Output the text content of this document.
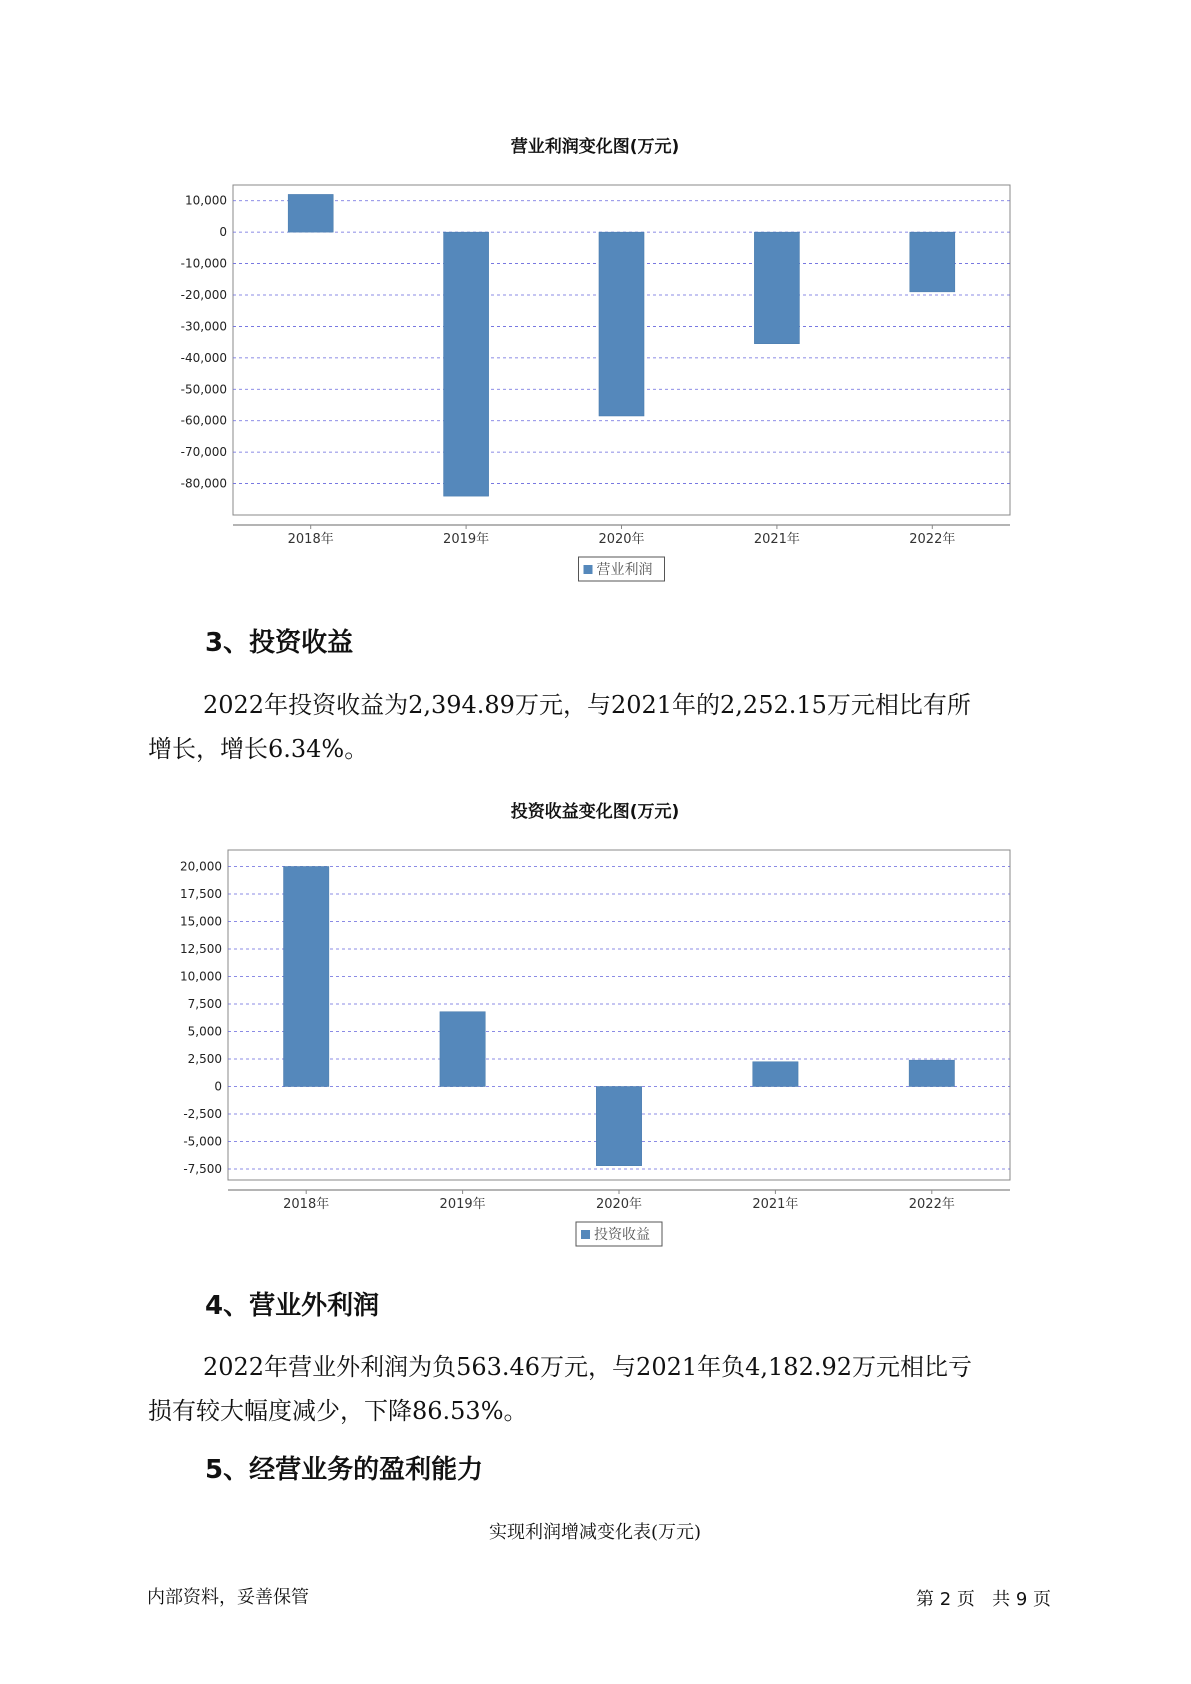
营业利润变化图(万元)
10,000
0
-10,000
-20,000
-30,000
-40,000
-50,000
-60,000
-70,000
-80,000
2018年	2019年	2020年	2021年	2022年
营业利润
3、投资收益
2022年投资收益为2,394.89万元，与2021年的2,252.15万元相比有所
增长，增长6.34%。
投资收益变化图(万元)
20,000
17,500
15,000
12,500
10,000
7,500
5,000
2,500
0
-2,500
-5,000
-7,500
2018年	2019年	2020年	2021年	2022年
投资收益
4、营业外利润
2022年营业外利润为负563.46万元，与2021年负4,182.92万元相比亏
损有较大幅度减少，下降86.53%。
5、经营业务的盈利能力
实现利润增减变化表(万元)
内部资料，妥善保管	第 2 页   共 9 页
